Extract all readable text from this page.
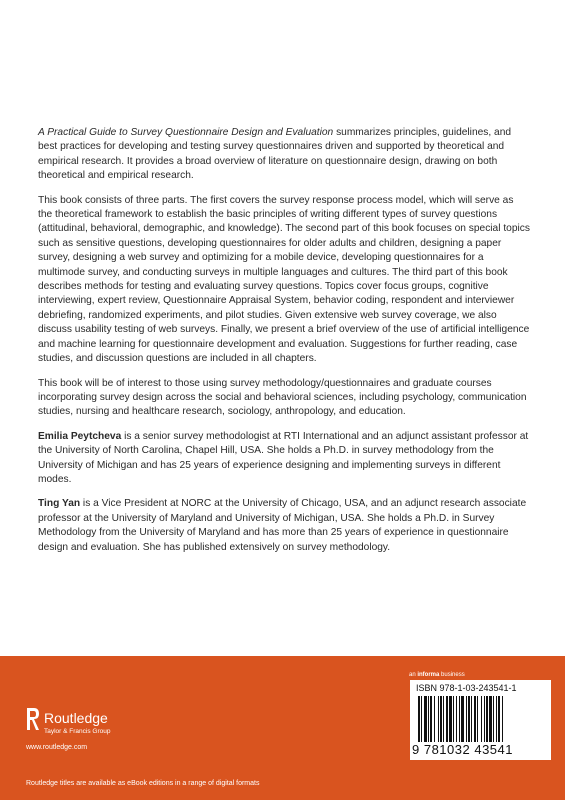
A Practical Guide to Survey Questionnaire Design and Evaluation summarizes principles, guidelines, and best practices for developing and testing survey questionnaires driven and supported by theoretical and empirical research. It provides a broad overview of literature on questionnaire design, drawing on both theoretical and empirical research.

This book consists of three parts. The first covers the survey response process model, which will serve as the theoretical framework to establish the basic principles of writing different types of survey questions (attitudinal, behavioral, demographic, and knowledge). The second part of this book focuses on special topics such as sensitive questions, developing questionnaires for older adults and children, designing a paper survey, designing a web survey and optimizing for a mobile device, developing questionnaires for a multimode survey, and conducting surveys in multiple languages and cultures. The third part of this book describes methods for testing and evaluating survey questions. Topics cover focus groups, cognitive interviewing, expert review, Questionnaire Appraisal System, behavior coding, respondent and interviewer debriefing, randomized experiments, and pilot studies. Given extensive web survey coverage, we also discuss usability testing of web surveys. Finally, we present a brief overview of the use of artificial intelligence and machine learning for questionnaire development and evaluation. Suggestions for further reading, case studies, and discussion questions are included in all chapters.

This book will be of interest to those using survey methodology/questionnaires and graduate courses incorporating survey design across the social and behavioral sciences, including psychology, communication studies, nursing and healthcare research, sociology, anthropology, and education.

Emilia Peytcheva is a senior survey methodologist at RTI International and an adjunct assistant professor at the University of North Carolina, Chapel Hill, USA. She holds a Ph.D. in survey methodology from the University of Michigan and has 25 years of experience designing and implementing surveys in different modes.

Ting Yan is a Vice President at NORC at the University of Chicago, USA, and an adjunct research associate professor at the University of Maryland and University of Michigan, USA. She holds a Ph.D. in Survey Methodology from the University of Maryland and has more than 25 years of experience in questionnaire design and evaluation. She has published extensively on survey methodology.

an informa business
Routledge
Taylor & Francis Group
www.routledge.com
Routledge titles are available as eBook editions in a range of digital formats
ISBN 978-1-03-243541-1
9 781032 43541
